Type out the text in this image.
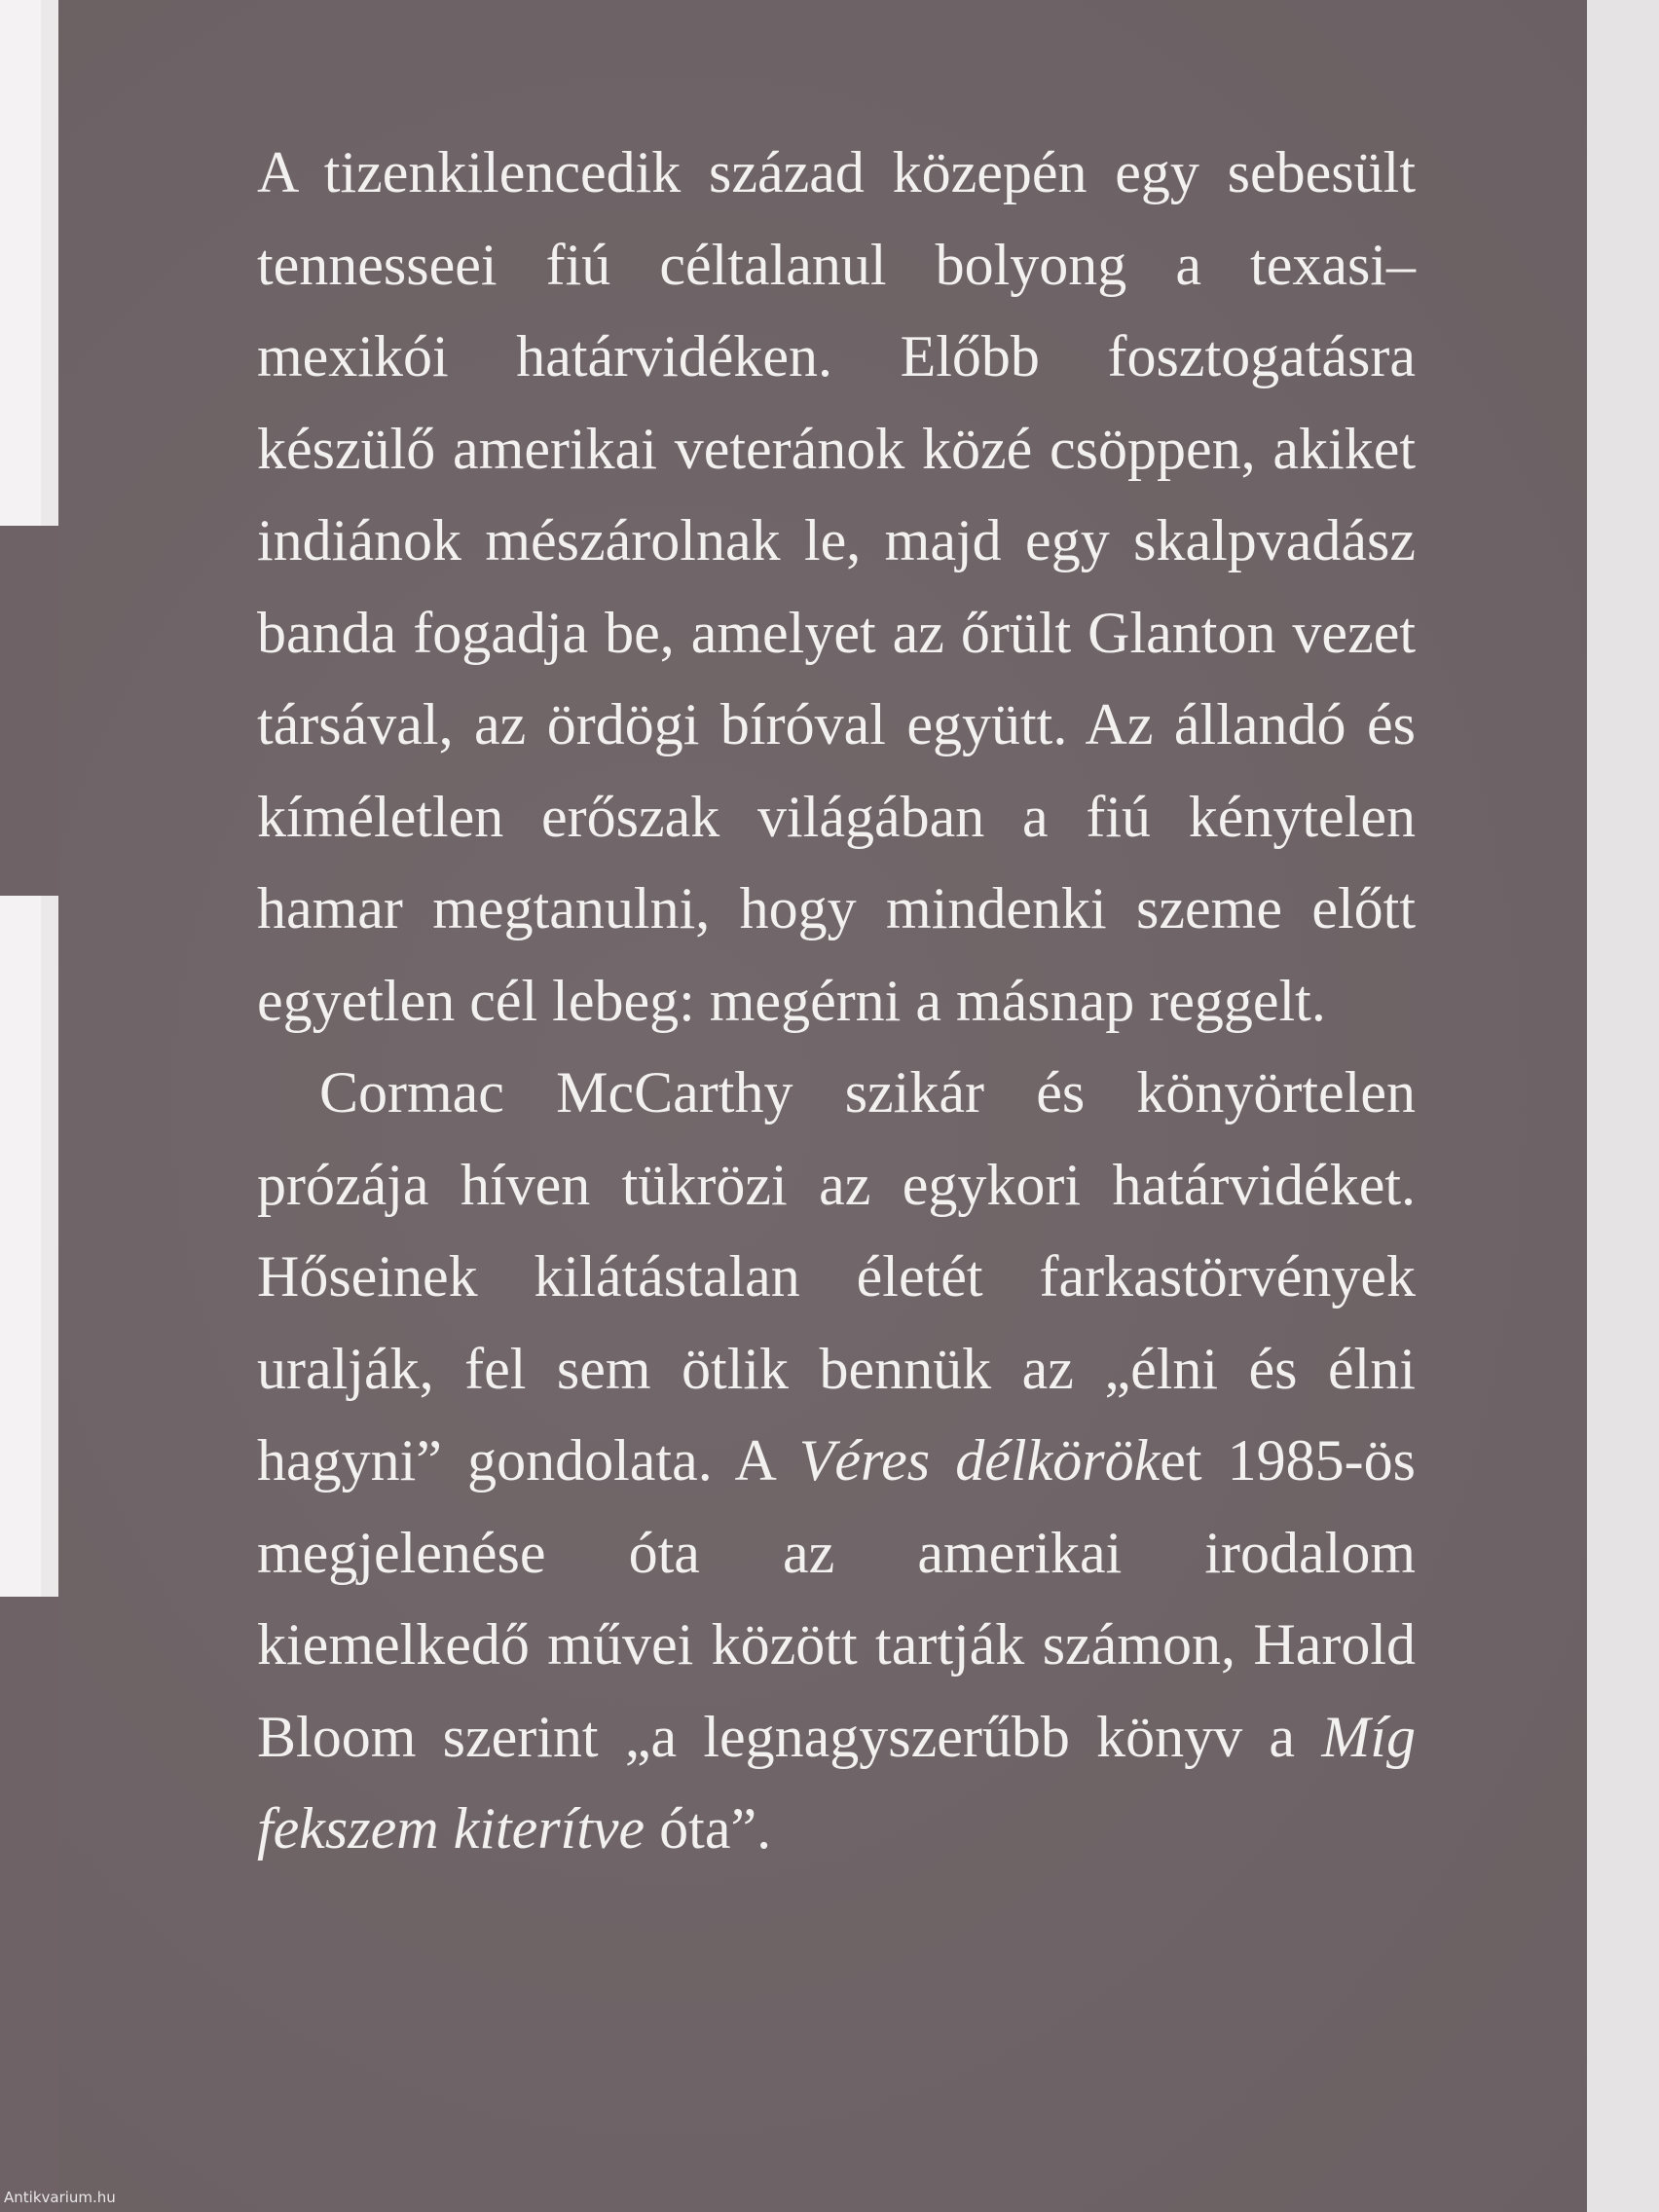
A tizenkilencedik század közepén egy sebesült tennesseei fiú céltalanul bolyong a texasi–mexikói határvidéken. Előbb fosztogatásra készülő amerikai veteránok közé csöppen, akiket indiánok mészárolnak le, majd egy skalpvadász banda fogadja be, amelyet az őrült Glanton vezet társával, az ördögi bíróval együtt. Az állandó és kíméletlen erőszak világában a fiú kénytelen hamar megtanulni, hogy mindenki szeme előtt egyetlen cél lebeg: megérni a másnap reggelt.

Cormac McCarthy szikár és könyörtelen prózája híven tükrözi az egykori határvidéket. Hőseinek kilátástalan életét farkastörvények uralják, fel sem ötlik bennük az „élni és élni hagyni” gondolata. A Véres délköröket 1985-ös megjelenése óta az amerikai irodalom kiemelkedő művei között tartják számon, Harold Bloom szerint „a legnagyszerűbb könyv a Míg fekszem kiterítve óta”.

Antikvarium.hu
